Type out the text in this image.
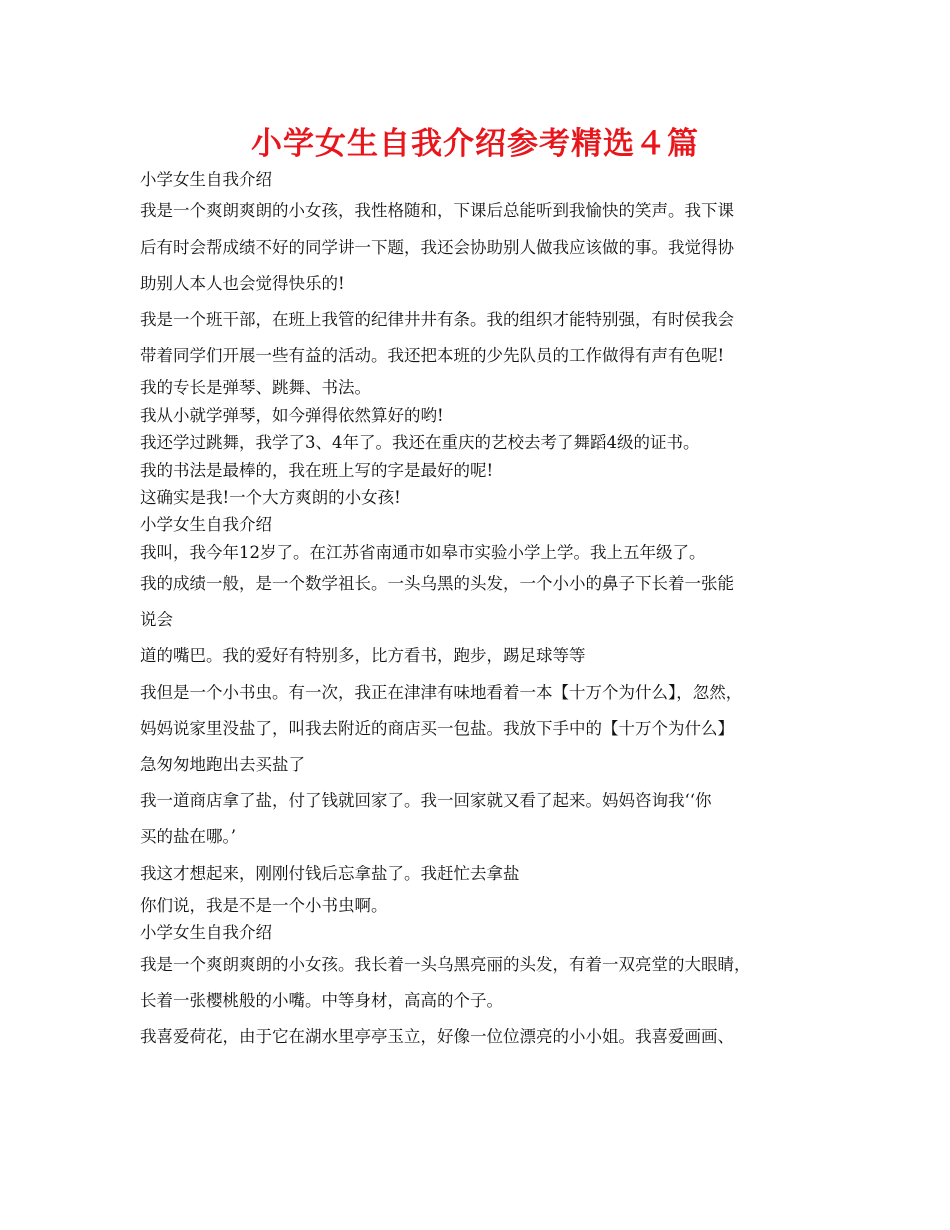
小学女生自我介绍参考精选４篇
小学女生自我介绍
我是一个爽朗爽朗的小女孩，我性格随和，下课后总能听到我愉快的笑声。我下课
后有时会帮成绩不好的同学讲一下题，我还会协助别人做我应该做的事。我觉得协
助别人本人也会觉得快乐的!
我是一个班干部，在班上我管的纪律井井有条。我的组织才能特别强，有时侯我会
带着同学们开展一些有益的活动。我还把本班的少先队员的工作做得有声有色呢!
我的专长是弹琴、跳舞、书法。
我从小就学弹琴，如今弹得依然算好的哟!
我还学过跳舞，我学了3、4年了。我还在重庆的艺校去考了舞蹈4级的证书。
我的书法是最棒的，我在班上写的字是最好的呢!
这确实是我!一个大方爽朗的小女孩!
小学女生自我介绍
我叫，我今年12岁了。在江苏省南通市如皋市实验小学上学。我上五年级了。
我的成绩一般，是一个数学祖长。一头乌黑的头发，一个小小的鼻子下长着一张能
说会
道的嘴巴。我的爱好有特别多，比方看书，跑步，踢足球等等
我但是一个小书虫。有一次，我正在津津有味地看着一本【十万个为什么】，忽然，
妈妈说家里没盐了，叫我去附近的商店买一包盐。我放下手中的【十万个为什么】
急匆匆地跑出去买盐了
我一道商店拿了盐，付了钱就回家了。我一回家就又看了起来。妈妈咨询我‘‘你
买的盐在哪。’
我这才想起来，刚刚付钱后忘拿盐了。我赶忙去拿盐
你们说，我是不是一个小书虫啊。
小学女生自我介绍
我是一个爽朗爽朗的小女孩。我长着一头乌黑亮丽的头发，有着一双亮堂的大眼睛，
长着一张樱桃般的小嘴。中等身材，高高的个子。
我喜爱荷花，由于它在湖水里亭亭玉立，好像一位位漂亮的小小姐。我喜爱画画、
